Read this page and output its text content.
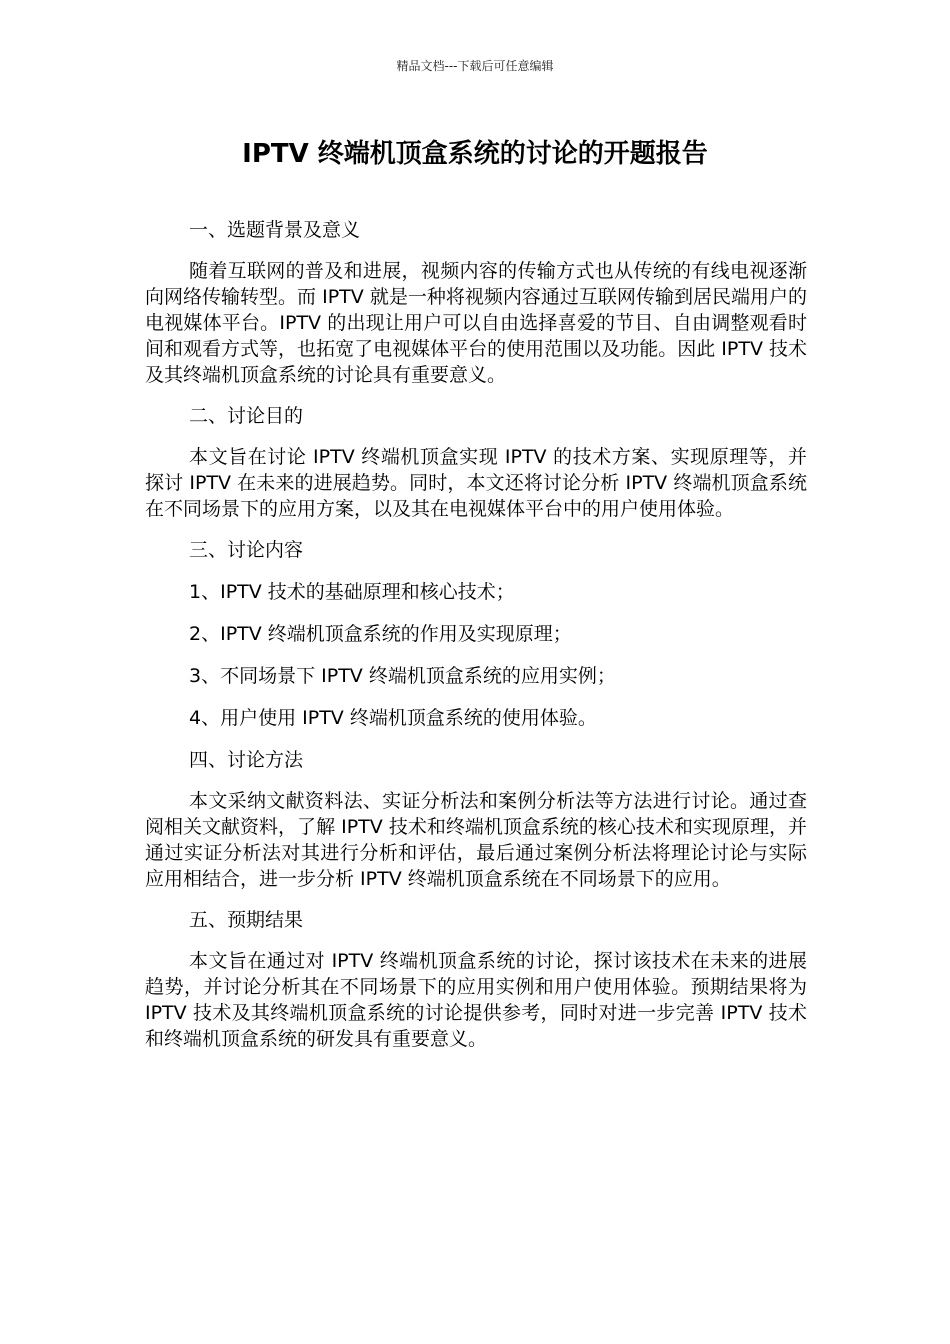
精品文档---下载后可任意编辑
IPTV 终端机顶盒系统的讨论的开题报告
一、选题背景及意义
随着互联网的普及和进展，视频内容的传输方式也从传统的有线电视逐渐向网络传输转型。而 IPTV 就是一种将视频内容通过互联网传输到居民端用户的电视媒体平台。IPTV 的出现让用户可以自由选择喜爱的节目、自由调整观看时间和观看方式等，也拓宽了电视媒体平台的使用范围以及功能。因此 IPTV 技术及其终端机顶盒系统的讨论具有重要意义。
二、讨论目的
本文旨在讨论 IPTV 终端机顶盒实现 IPTV 的技术方案、实现原理等，并探讨 IPTV 在未来的进展趋势。同时，本文还将讨论分析 IPTV 终端机顶盒系统在不同场景下的应用方案，以及其在电视媒体平台中的用户使用体验。
三、讨论内容
1、IPTV 技术的基础原理和核心技术；
2、IPTV 终端机顶盒系统的作用及实现原理；
3、不同场景下 IPTV 终端机顶盒系统的应用实例；
4、用户使用 IPTV 终端机顶盒系统的使用体验。
四、讨论方法
本文采纳文献资料法、实证分析法和案例分析法等方法进行讨论。通过查阅相关文献资料，了解 IPTV 技术和终端机顶盒系统的核心技术和实现原理，并通过实证分析法对其进行分析和评估，最后通过案例分析法将理论讨论与实际应用相结合，进一步分析 IPTV 终端机顶盒系统在不同场景下的应用。
五、预期结果
本文旨在通过对 IPTV 终端机顶盒系统的讨论，探讨该技术在未来的进展趋势，并讨论分析其在不同场景下的应用实例和用户使用体验。预期结果将为 IPTV 技术及其终端机顶盒系统的讨论提供参考，同时对进一步完善 IPTV 技术和终端机顶盒系统的研发具有重要意义。
